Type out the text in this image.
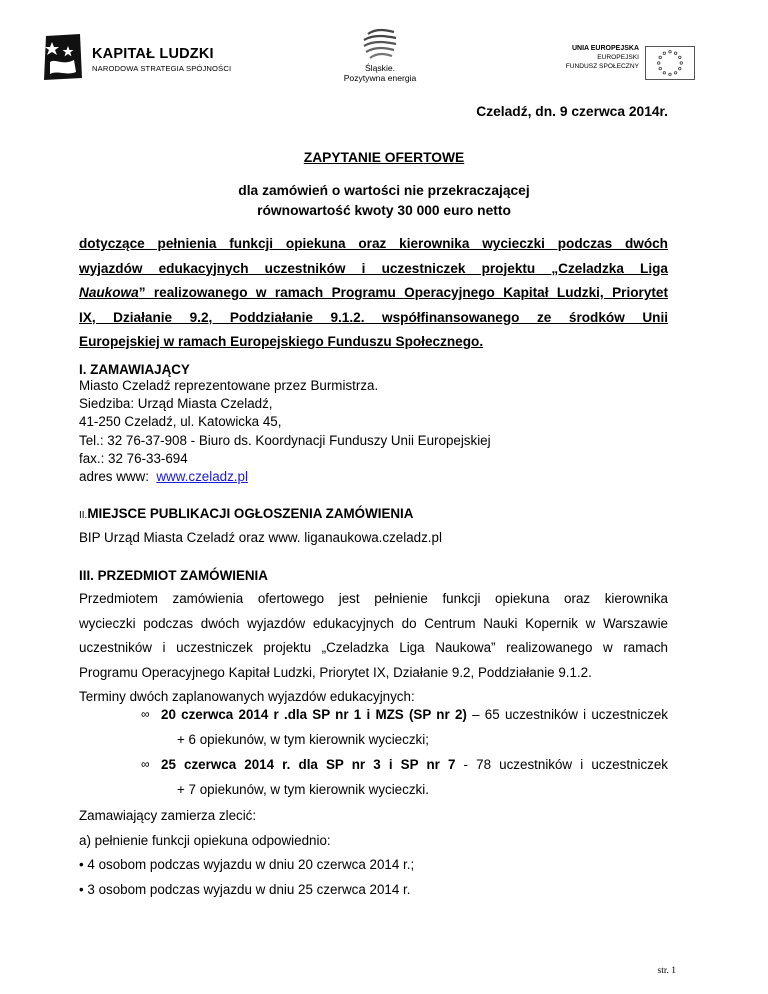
KAPITAŁ LUDZKI
NARODOWA STRATEGIA SPÓJNOŚCI	Śląskie.
Pozytywna energia
UNIA EUROPEJSKA
EUROPEJSKI
FUNDUSZ SPOŁECZNY
Czeladź, dn. 9 czerwca 2014r.
ZAPYTANIE OFERTOWE
dla zamówień o wartości nie przekraczającej
równowartość kwoty 30 000 euro netto
dotyczące pełnienia funkcji opiekuna oraz kierownika wycieczki podczas dwóch
wyjazdów edukacyjnych uczestników i uczestniczek projektu „Czeladzka Liga
Naukowa” realizowanego w ramach Programu Operacyjnego Kapitał Ludzki, Priorytet
IX, Działanie 9.2, Poddziałanie 9.1.2. współfinansowanego ze środków Unii
Europejskiej w ramach Europejskiego Funduszu Społecznego.
I. ZAMAWIAJĄCY
Miasto Czeladź reprezentowane przez Burmistrza.
Siedziba: Urząd Miasta Czeladź,
41-250 Czeladź, ul. Katowicka 45,
Tel.: 32 76-37-908 - Biuro ds. Koordynacji Funduszy Unii Europejskiej
fax.: 32 76-33-694
adres www:  www.czeladz.pl
II.MIEJSCE PUBLIKACJI OGŁOSZENIA ZAMÓWIENIA
BIP Urząd Miasta Czeladź oraz www. liganaukowa.czeladz.pl
III. PRZEDMIOT ZAMÓWIENIA
Przedmiotem zamówienia ofertowego jest pełnienie funkcji opiekuna oraz kierownika
wycieczki podczas dwóch wyjazdów edukacyjnych do Centrum Nauki Kopernik w Warszawie
uczestników i uczestniczek projektu „Czeladzka Liga Naukowa” realizowanego w ramach
Programu Operacyjnego Kapitał Ludzki, Priorytet IX, Działanie 9.2, Poddziałanie 9.1.2.
Terminy dwóch zaplanowanych wyjazdów edukacyjnych:
∞ 20 czerwca 2014 r .dla SP nr 1 i MZS (SP nr 2) – 65 uczestników i uczestniczek
+ 6 opiekunów, w tym kierownik wycieczki;
∞ 25 czerwca 2014 r. dla SP nr 3 i SP nr 7 - 78 uczestników i uczestniczek
+ 7 opiekunów, w tym kierownik wycieczki.
Zamawiający zamierza zlecić:
a) pełnienie funkcji opiekuna odpowiednio:
• 4 osobom podczas wyjazdu w dniu 20 czerwca 2014 r.;
• 3 osobom podczas wyjazdu w dniu 25 czerwca 2014 r.
str. 1
